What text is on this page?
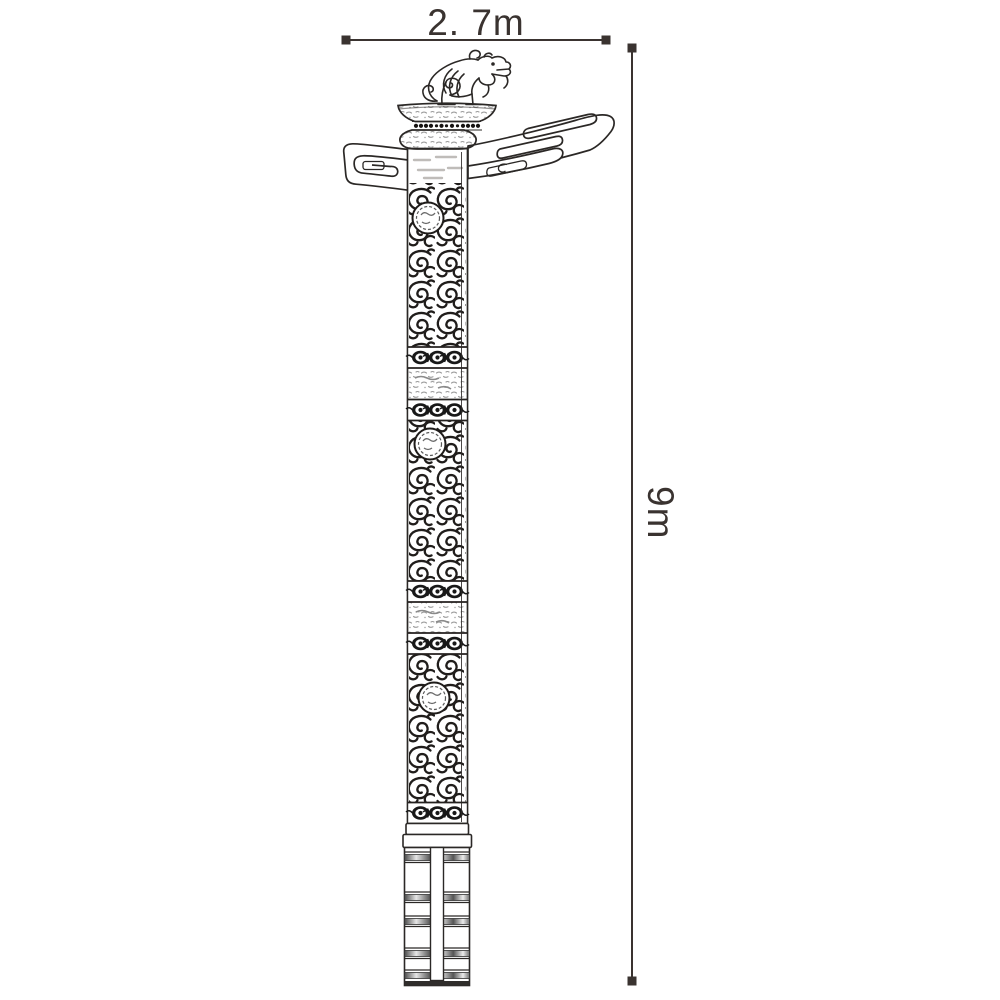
2. 7m
9m
